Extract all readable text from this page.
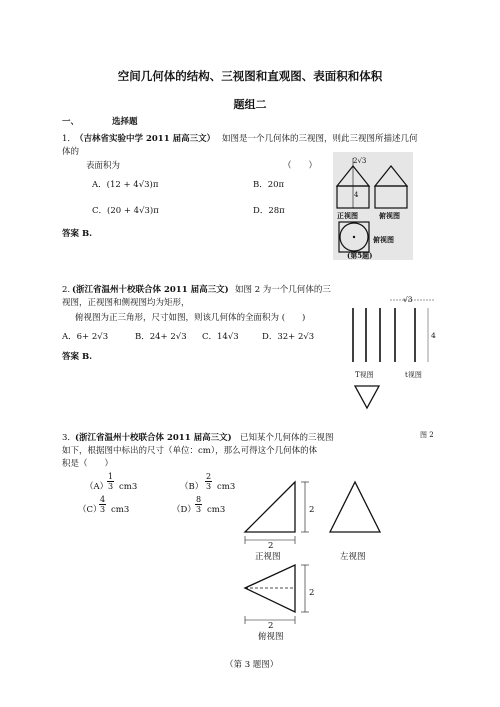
空间几何体的结构、三视图和直观图、表面积和体积
题组二
一、	选择题
1． （吉林省实验中学 2011 届高三文） 如图是一个几何体的三视图，则此三视图所描述几何
体的
表面积为	（　　）
A．(12 + 4√3)π	B．20π
C．(20 + 4√3)π	D．28π
答案 B.
2√3
4
正视图	俯视图
俯视图
(第5题)
2. (浙江省温州十校联合体 2011 届高三文) 如图 2 为一个几何体的三
视图，正视图和侧视图均为矩形，
俯视图为正三角形，尺寸如图，则该几何体的全面积为 (　　)
A．6+ 2√3	B．24+ 2√3 C．14√3	D．32+ 2√3
答案 B.
√3
4
T视图	t视图
图 2
3． (浙江省温州十校联合体 2011 届高三文) 已知某个几何体的三视图
如下，根据图中标出的尺寸（单位：cm），那么可得这个几何体的体
积是（　　）
（A）
$\frac{1}{3} cm3$	$(B) \frac{2}{3} cm3$
（C）
$\frac{4}{3} cm3$	$(D) \frac{8}{3} cm3$	2
2
正视图	左视图
2
2
俯视图
（第 3 题图）
